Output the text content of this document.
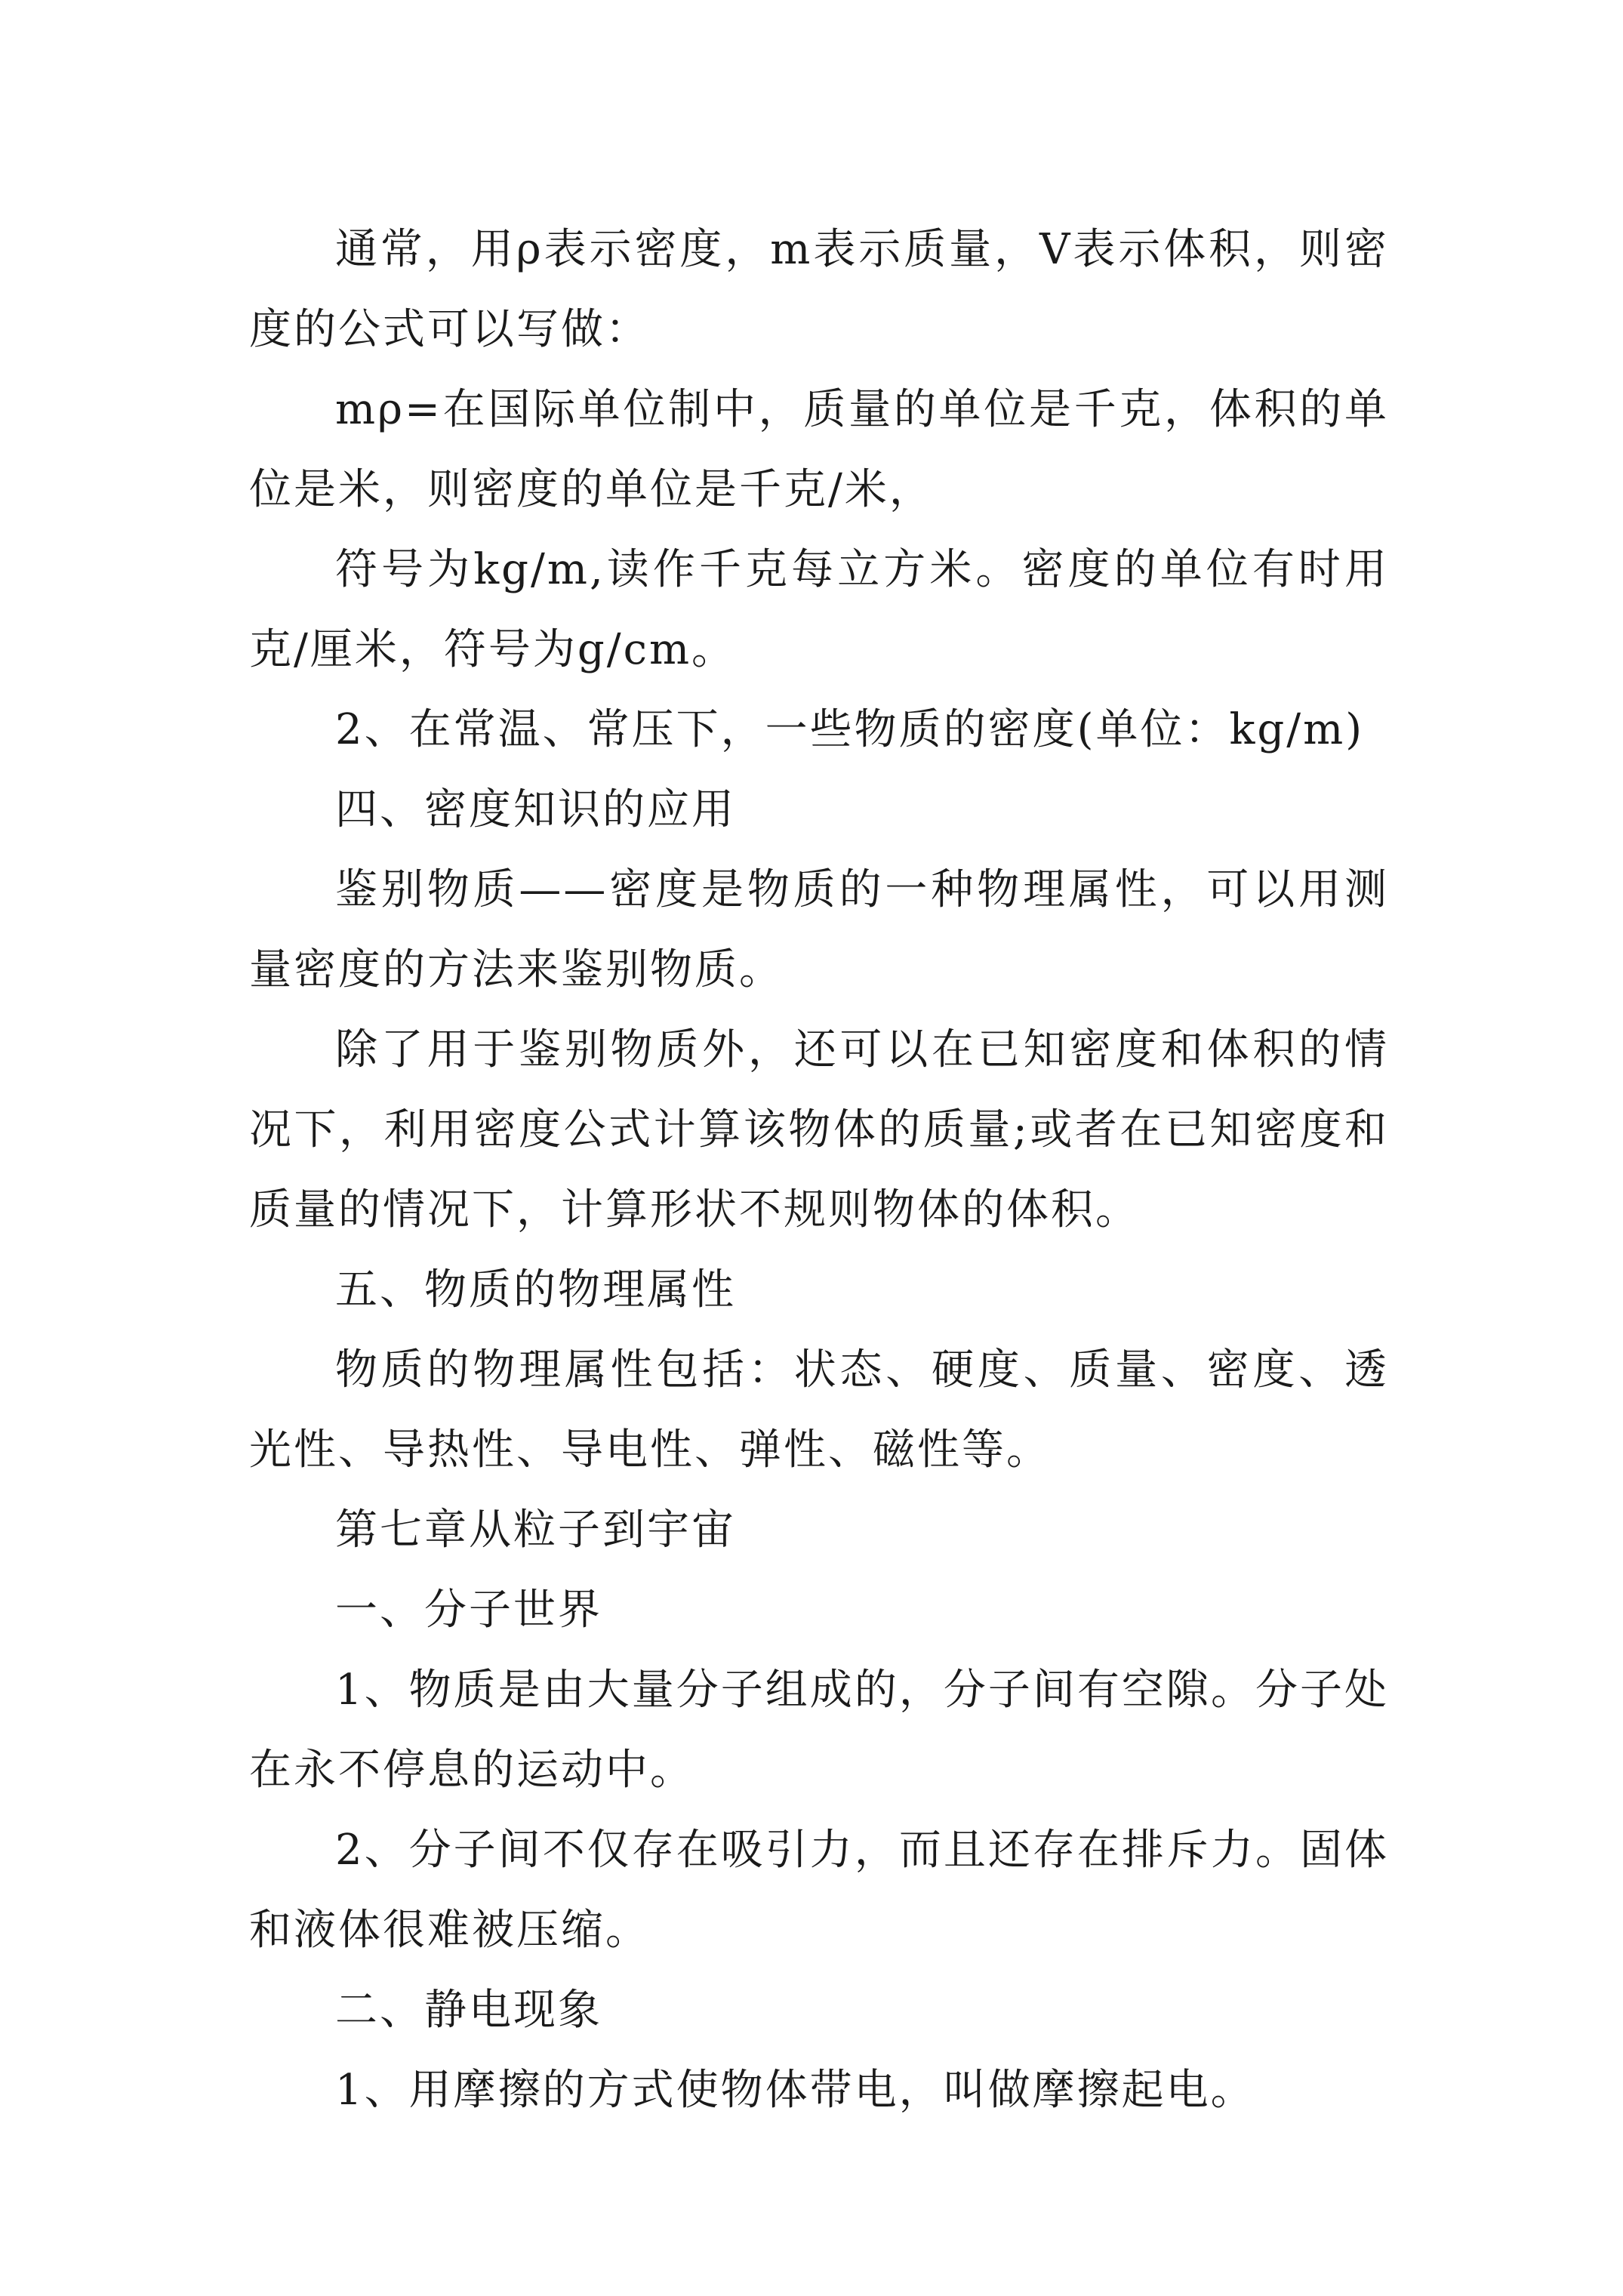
通常，用ρ表示密度，m表示质量，V表示体积，则密度的公式可以写做：

mρ=在国际单位制中，质量的单位是千克，体积的单位是米，则密度的单位是千克/米，

符号为kg/m,读作千克每立方米。密度的单位有时用克/厘米，符号为g/cm。

2、在常温、常压下，一些物质的密度(单位：kg/m)

四、密度知识的应用

鉴别物质——密度是物质的一种物理属性，可以用测量密度的方法来鉴别物质。

除了用于鉴别物质外，还可以在已知密度和体积的情况下，利用密度公式计算该物体的质量;或者在已知密度和质量的情况下，计算形状不规则物体的体积。

五、物质的物理属性

物质的物理属性包括：状态、硬度、质量、密度、透光性、导热性、导电性、弹性、磁性等。

第七章从粒子到宇宙

一、分子世界

1、物质是由大量分子组成的，分子间有空隙。分子处在永不停息的运动中。

2、分子间不仅存在吸引力，而且还存在排斥力。固体和液体很难被压缩。

二、静电现象

1、用摩擦的方式使物体带电，叫做摩擦起电。
